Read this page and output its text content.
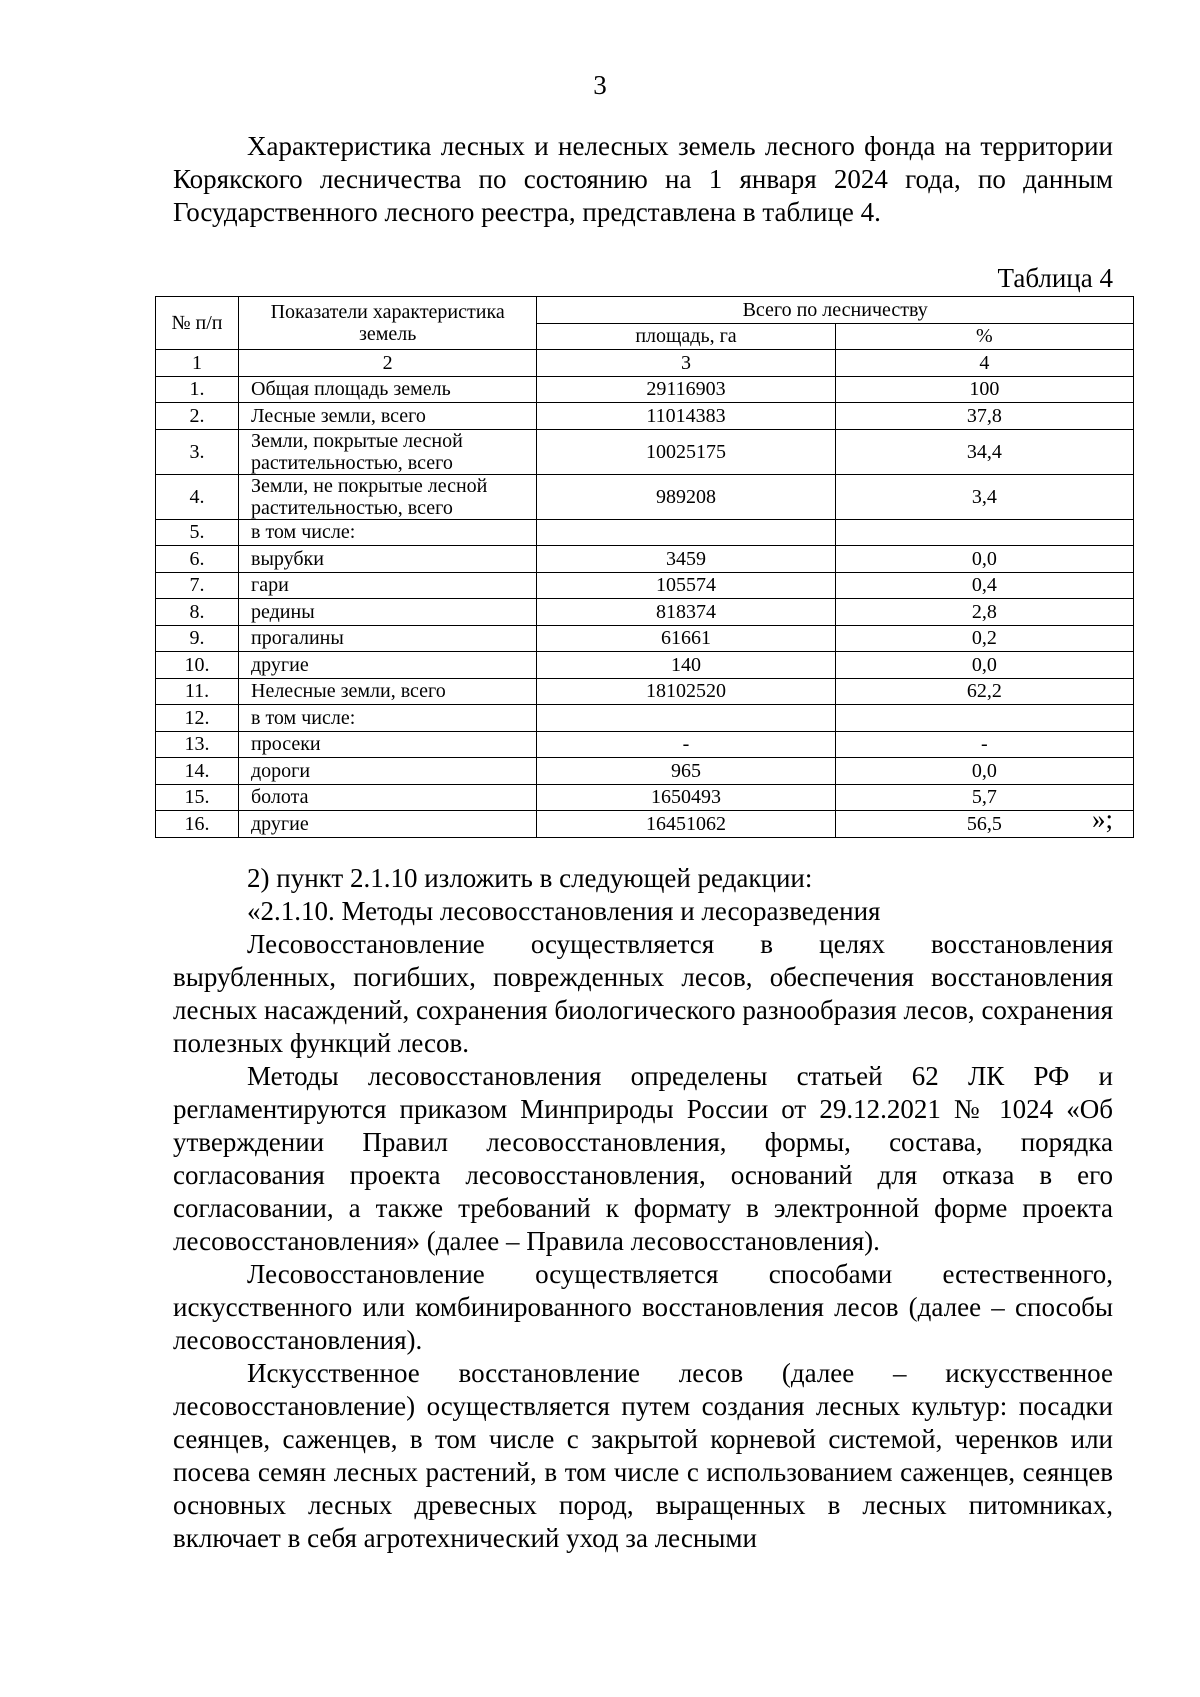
3

Характеристика лесных и нелесных земель лесного фонда на территории Корякского лесничества по состоянию на 1 января 2024 года, по данным Государственного лесного реестра, представлена в таблице 4.

Таблица 4
№ п/п	Показатели характеристика земель	Всего по лесничеству	
		площадь, га	%
1	2	3	4
1.	Общая площадь земель	29116903	100
2.	Лесные земли, всего	11014383	37,8
3.	Земли, покрытые лесной растительностью, всего	10025175	34,4
4.	Земли, не покрытые лесной растительностью, всего	989208	3,4
5.	в том числе:		
6.	вырубки	3459	0,0
7.	гари	105574	0,4
8.	редины	818374	2,8
9.	прогалины	61661	0,2
10.	другие	140	0,0
11.	Нелесные земли, всего	18102520	62,2
12.	в том числе:		
13.	просеки	-	-
14.	дороги	965	0,0
15.	болота	1650493	5,7
16.	другие	16451062	56,5	»;

2) пункт 2.1.10 изложить в следующей редакции:

«2.1.10. Методы лесовосстановления и лесоразведения

Лесовосстановление осуществляется в целях восстановления вырубленных, погибших, поврежденных лесов, обеспечения восстановления лесных насаждений, сохранения биологического разнообразия лесов, сохранения полезных функций лесов.

Методы лесовосстановления определены статьей 62 ЛК РФ и регламентируются приказом Минприроды России от 29.12.2021 № 1024 «Об утверждении Правил лесовосстановления, формы, состава, порядка согласования проекта лесовосстановления, оснований для отказа в его согласовании, а также требований к формату в электронной форме проекта лесовосстановления» (далее – Правила лесовосстановления).

Лесовосстановление осуществляется способами естественного, искусственного или комбинированного восстановления лесов (далее – способы лесовосстановления).

Искусственное восстановление лесов (далее – искусственное лесовосстановление) осуществляется путем создания лесных культур: посадки сеянцев, саженцев, в том числе с закрытой корневой системой, черенков или посева семян лесных растений, в том числе с использованием саженцев, сеянцев основных лесных древесных пород, выращенных в лесных питомниках, включает в себя агротехнический уход за лесными
